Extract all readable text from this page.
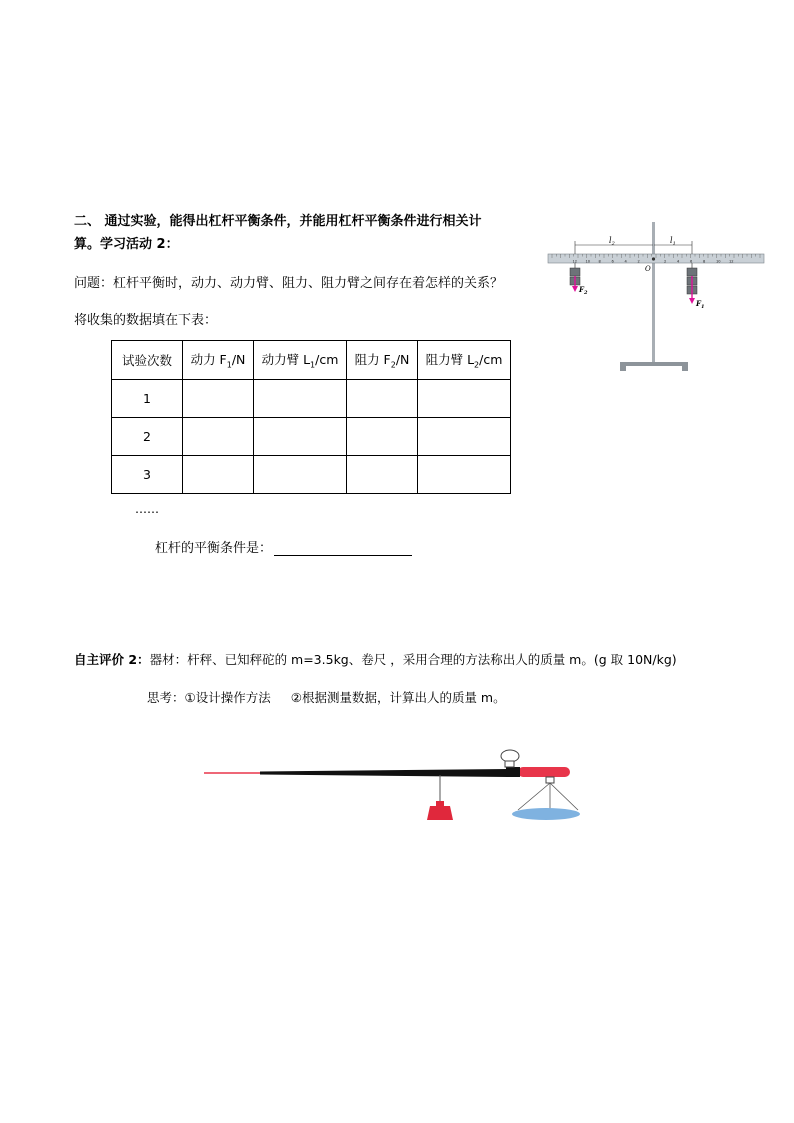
二、 通过实验，能得出杠杆平衡条件，并能用杠杆平衡条件进行相关计
算。学习活动 2：
问题：杠杆平衡时，动力、动力臂、阻力、阻力臂之间存在着怎样的关系？
将收集的数据填在下表：
试验次数	动力 $F_1/N$	动力臂 $L_1/cm$	阻力 $F_2/N$	阻力臂 $L_2/cm$
1				
2				
3				
……
杠杆的平衡条件是：
自主评价 2：器材：杆秤、已知秤砣的 m=3.5kg、卷尺 ，采用合理的方法称出人的质量 m。(g 取 10N/kg)
思考：①设计操作方法 ②根据测量数据，计算出人的质量 m。
12 10 8	6	4	2	2	4	6	8	10 12
$l_2$	$l_1$
O
$F_2$
$F_1$
